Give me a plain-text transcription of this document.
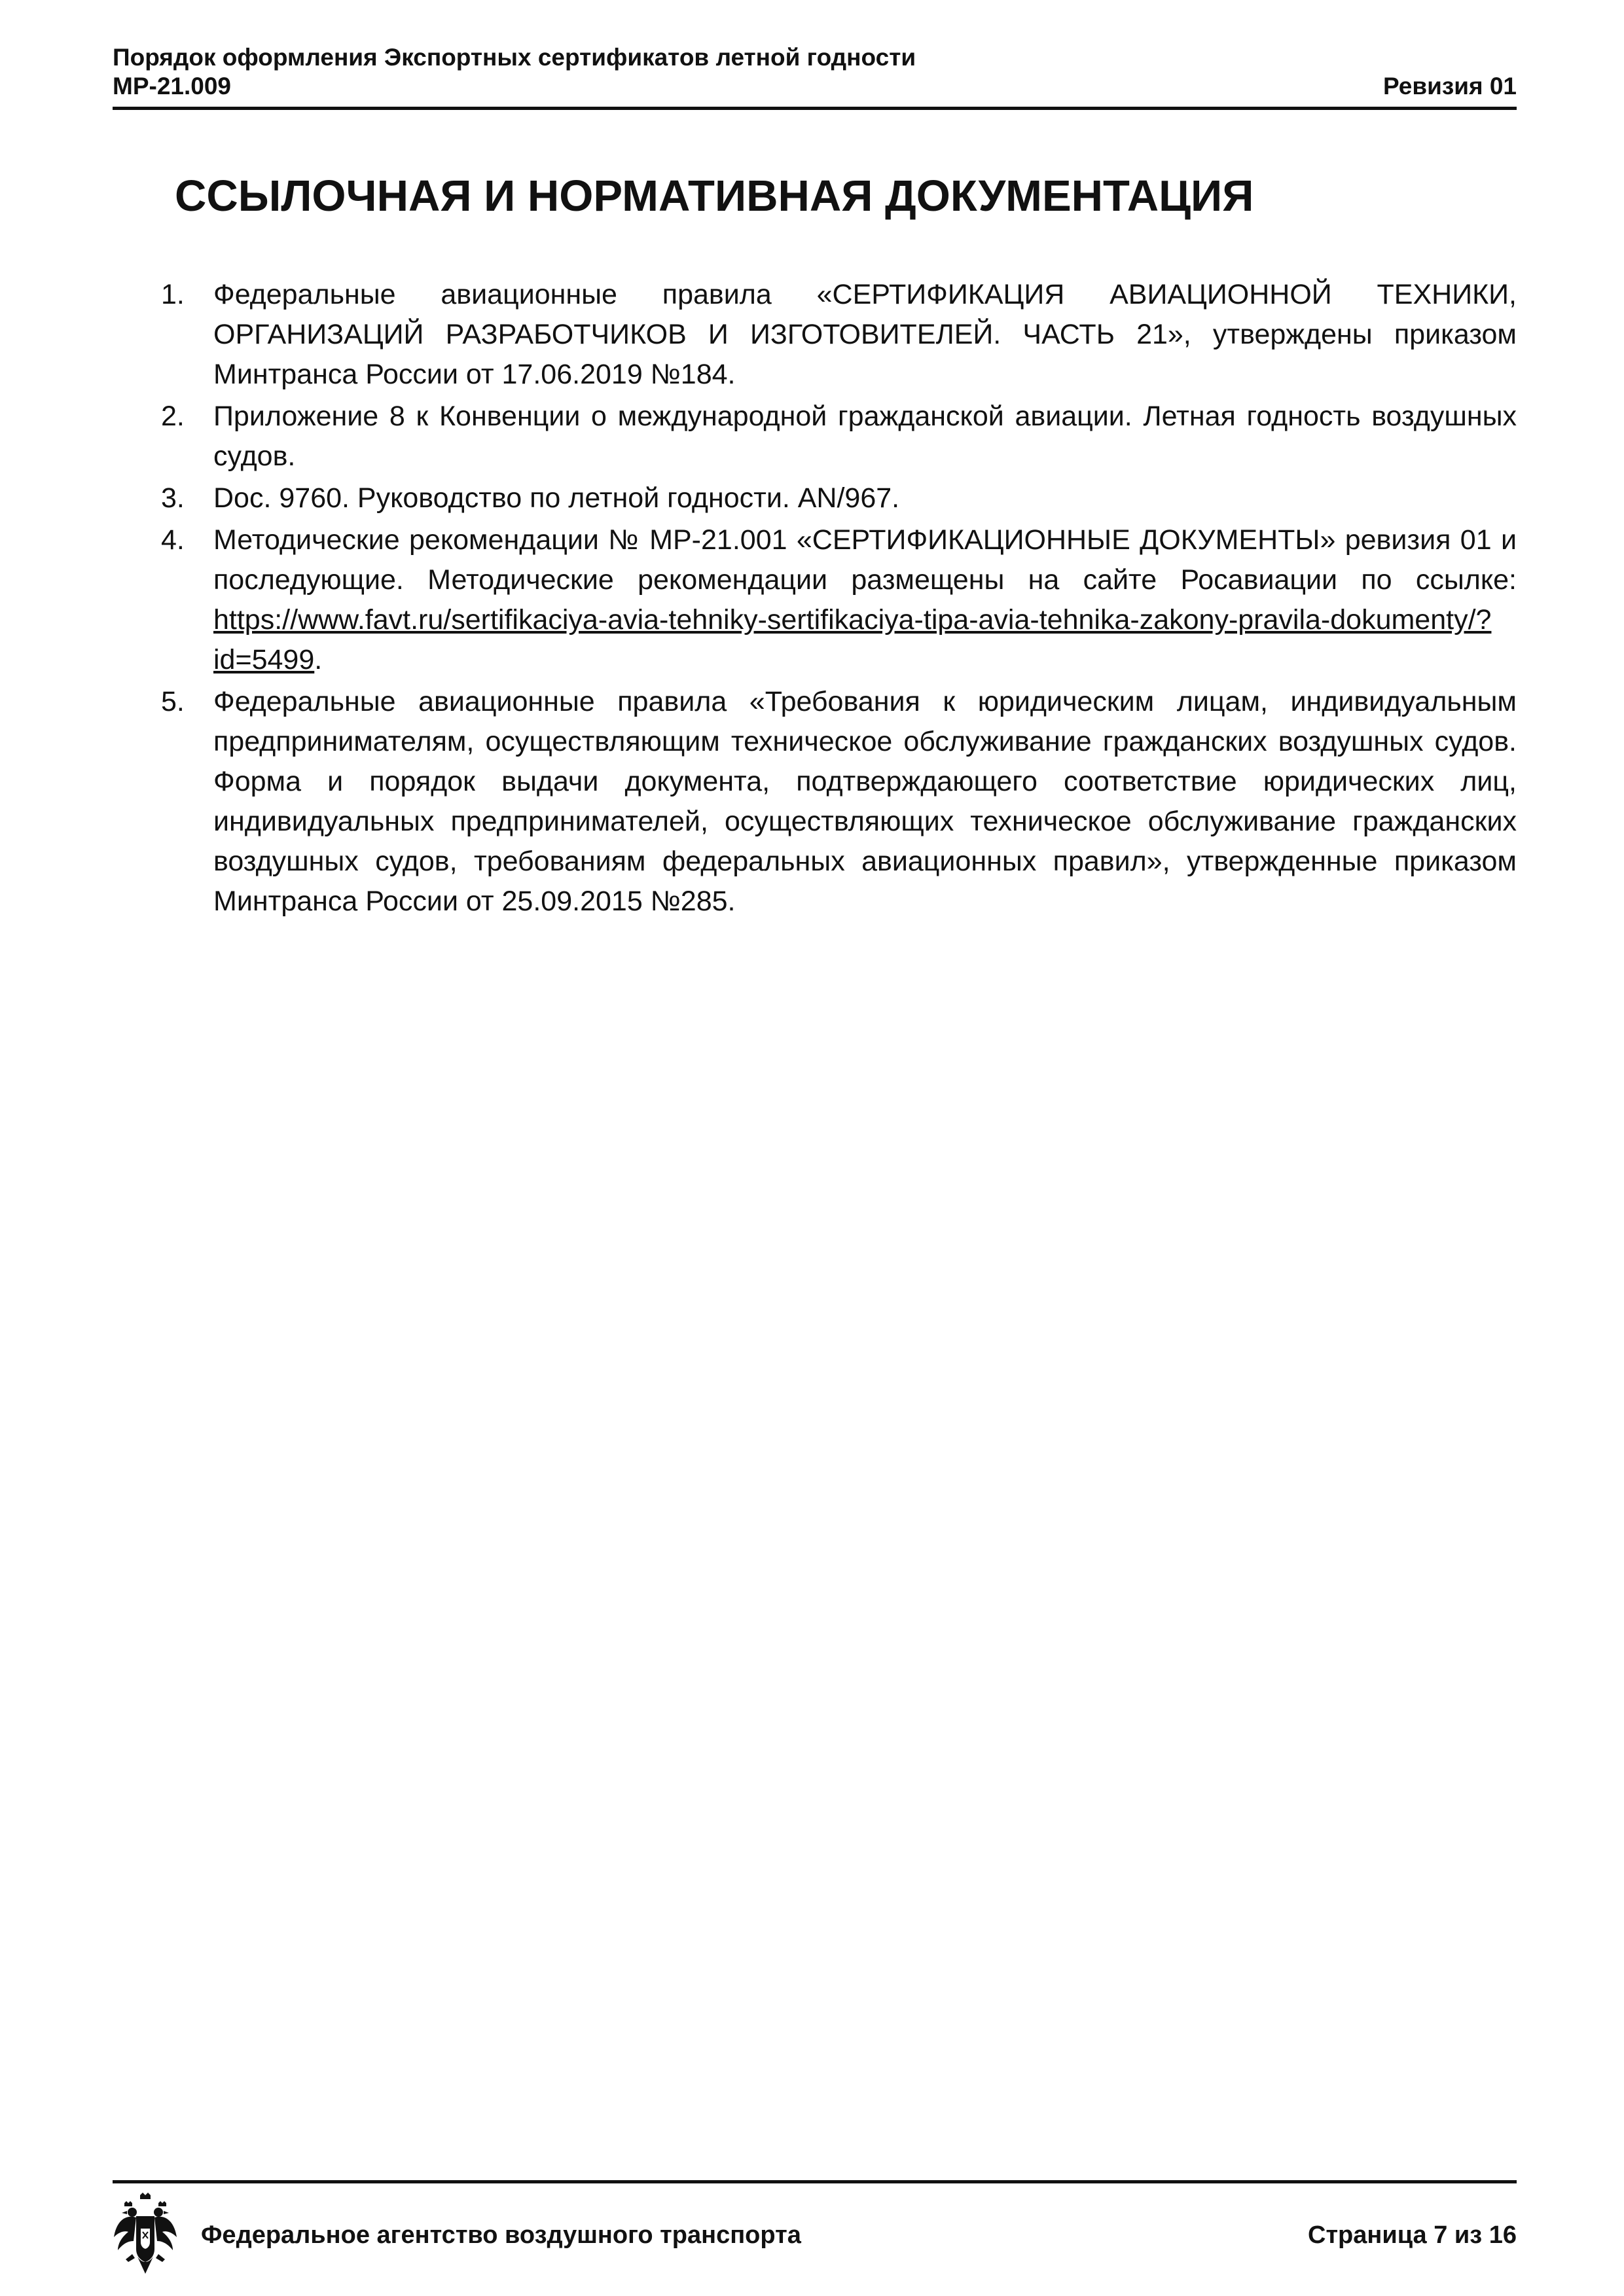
Порядок оформления Экспортных сертификатов летной годности
МР-21.009	Ревизия 01
ССЫЛОЧНАЯ И НОРМАТИВНАЯ ДОКУМЕНТАЦИЯ
1.	Федеральные авиационные правила «СЕРТИФИКАЦИЯ АВИАЦИОННОЙ ТЕХНИКИ, ОРГАНИЗАЦИЙ РАЗРАБОТЧИКОВ И ИЗГОТОВИТЕЛЕЙ. ЧАСТЬ 21», утверждены приказом Минтранса России от 17.06.2019 №184.
2.	Приложение 8 к Конвенции о международной гражданской авиации. Летная годность воздушных судов.
3.	Doc. 9760. Руководство по летной годности. AN/967.
4.	Методические рекомендации № МР-21.001 «СЕРТИФИКАЦИОННЫЕ ДОКУМЕНТЫ» ревизия 01 и последующие. Методические рекомендации размещены на сайте Росавиации по ссылке: https://www.favt.ru/sertifikaciya-avia-tehniky-sertifikaciya-tipa-avia-tehnika-zakony-pravila-dokumenty/?id=5499.
5.	Федеральные авиационные правила «Требования к юридическим лицам, индивидуальным предпринимателям, осуществляющим техническое обслуживание гражданских воздушных судов. Форма и порядок выдачи документа, подтверждающего соответствие юридических лиц, индивидуальных предпринимателей, осуществляющих техническое обслуживание гражданских воздушных судов, требованиям федеральных авиационных правил», утвержденные приказом Минтранса России от 25.09.2015 №285.
Федеральное агентство воздушного транспорта	Страница 7 из 16
